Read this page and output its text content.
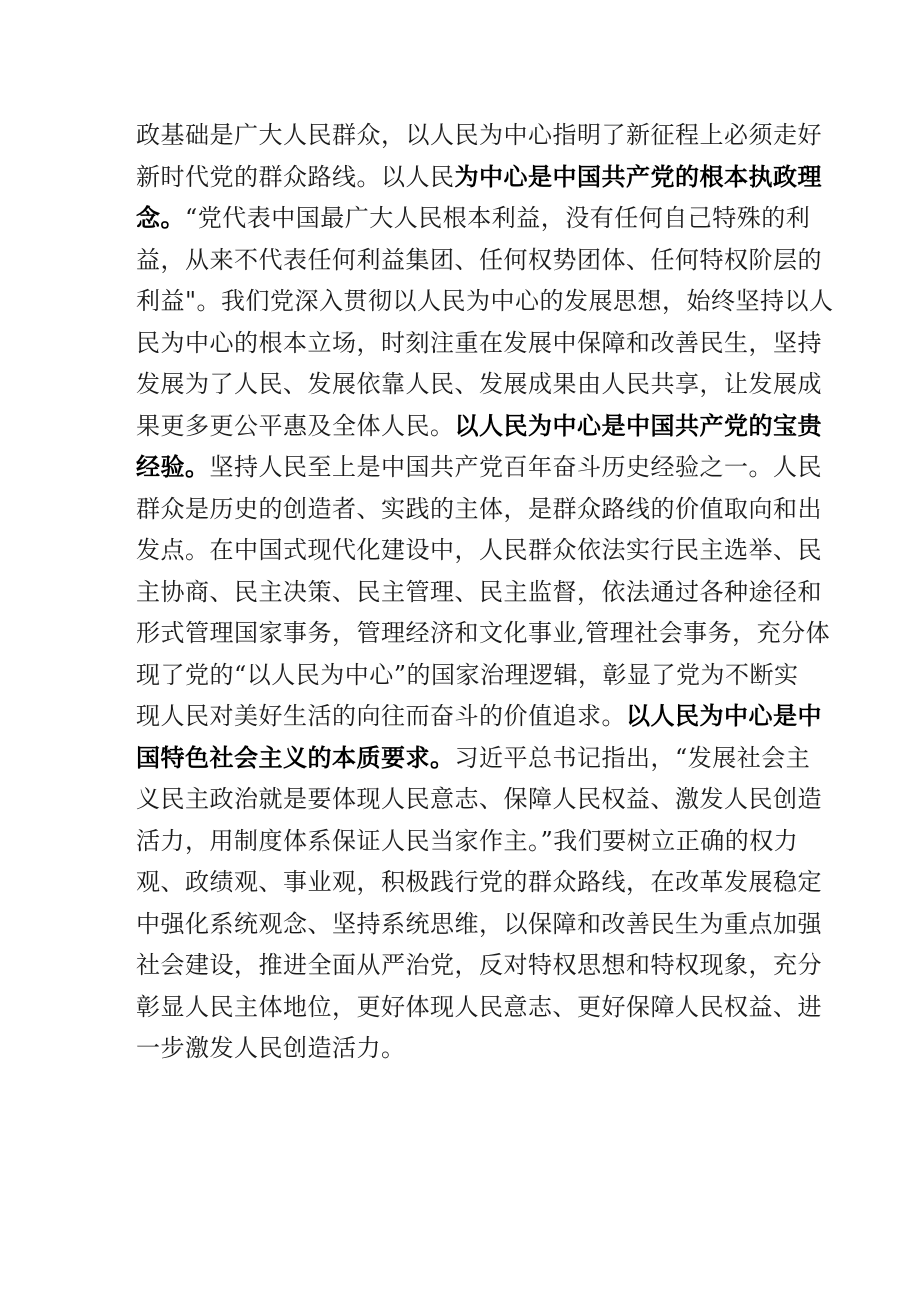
政基础是广大人民群众，以人民为中心指明了新征程上必须走好
新时代党的群众路线。以人民为中心是中国共产党的根本执政理
念。“党代表中国最广大人民根本利益，没有任何自己特殊的利
益，从来不代表任何利益集团、任何权势团体、任何特权阶层的
利益"。我们党深入贯彻以人民为中心的发展思想，始终坚持以人
民为中心的根本立场，时刻注重在发展中保障和改善民生，坚持
发展为了人民、发展依靠人民、发展成果由人民共享，让发展成
果更多更公平惠及全体人民。以人民为中心是中国共产党的宝贵
经验。坚持人民至上是中国共产党百年奋斗历史经验之一。人民
群众是历史的创造者、实践的主体，是群众路线的价值取向和出
发点。在中国式现代化建设中，人民群众依法实行民主选举、民
主协商、民主决策、民主管理、民主监督，依法通过各种途径和
形式管理国家事务，管理经济和文化事业,管理社会事务，充分体
现了党的“以人民为中心”的国家治理逻辑，彰显了党为不断实
现人民对美好生活的向往而奋斗的价值追求。以人民为中心是中
国特色社会主义的本质要求。习近平总书记指出，“发展社会主
义民主政治就是要体现人民意志、保障人民权益、激发人民创造
活力，用制度体系保证人民当家作主。”我们要树立正确的权力
观、政绩观、事业观，积极践行党的群众路线，在改革发展稳定
中强化系统观念、坚持系统思维，以保障和改善民生为重点加强
社会建设，推进全面从严治党，反对特权思想和特权现象，充分
彰显人民主体地位，更好体现人民意志、更好保障人民权益、进
一步激发人民创造活力。
